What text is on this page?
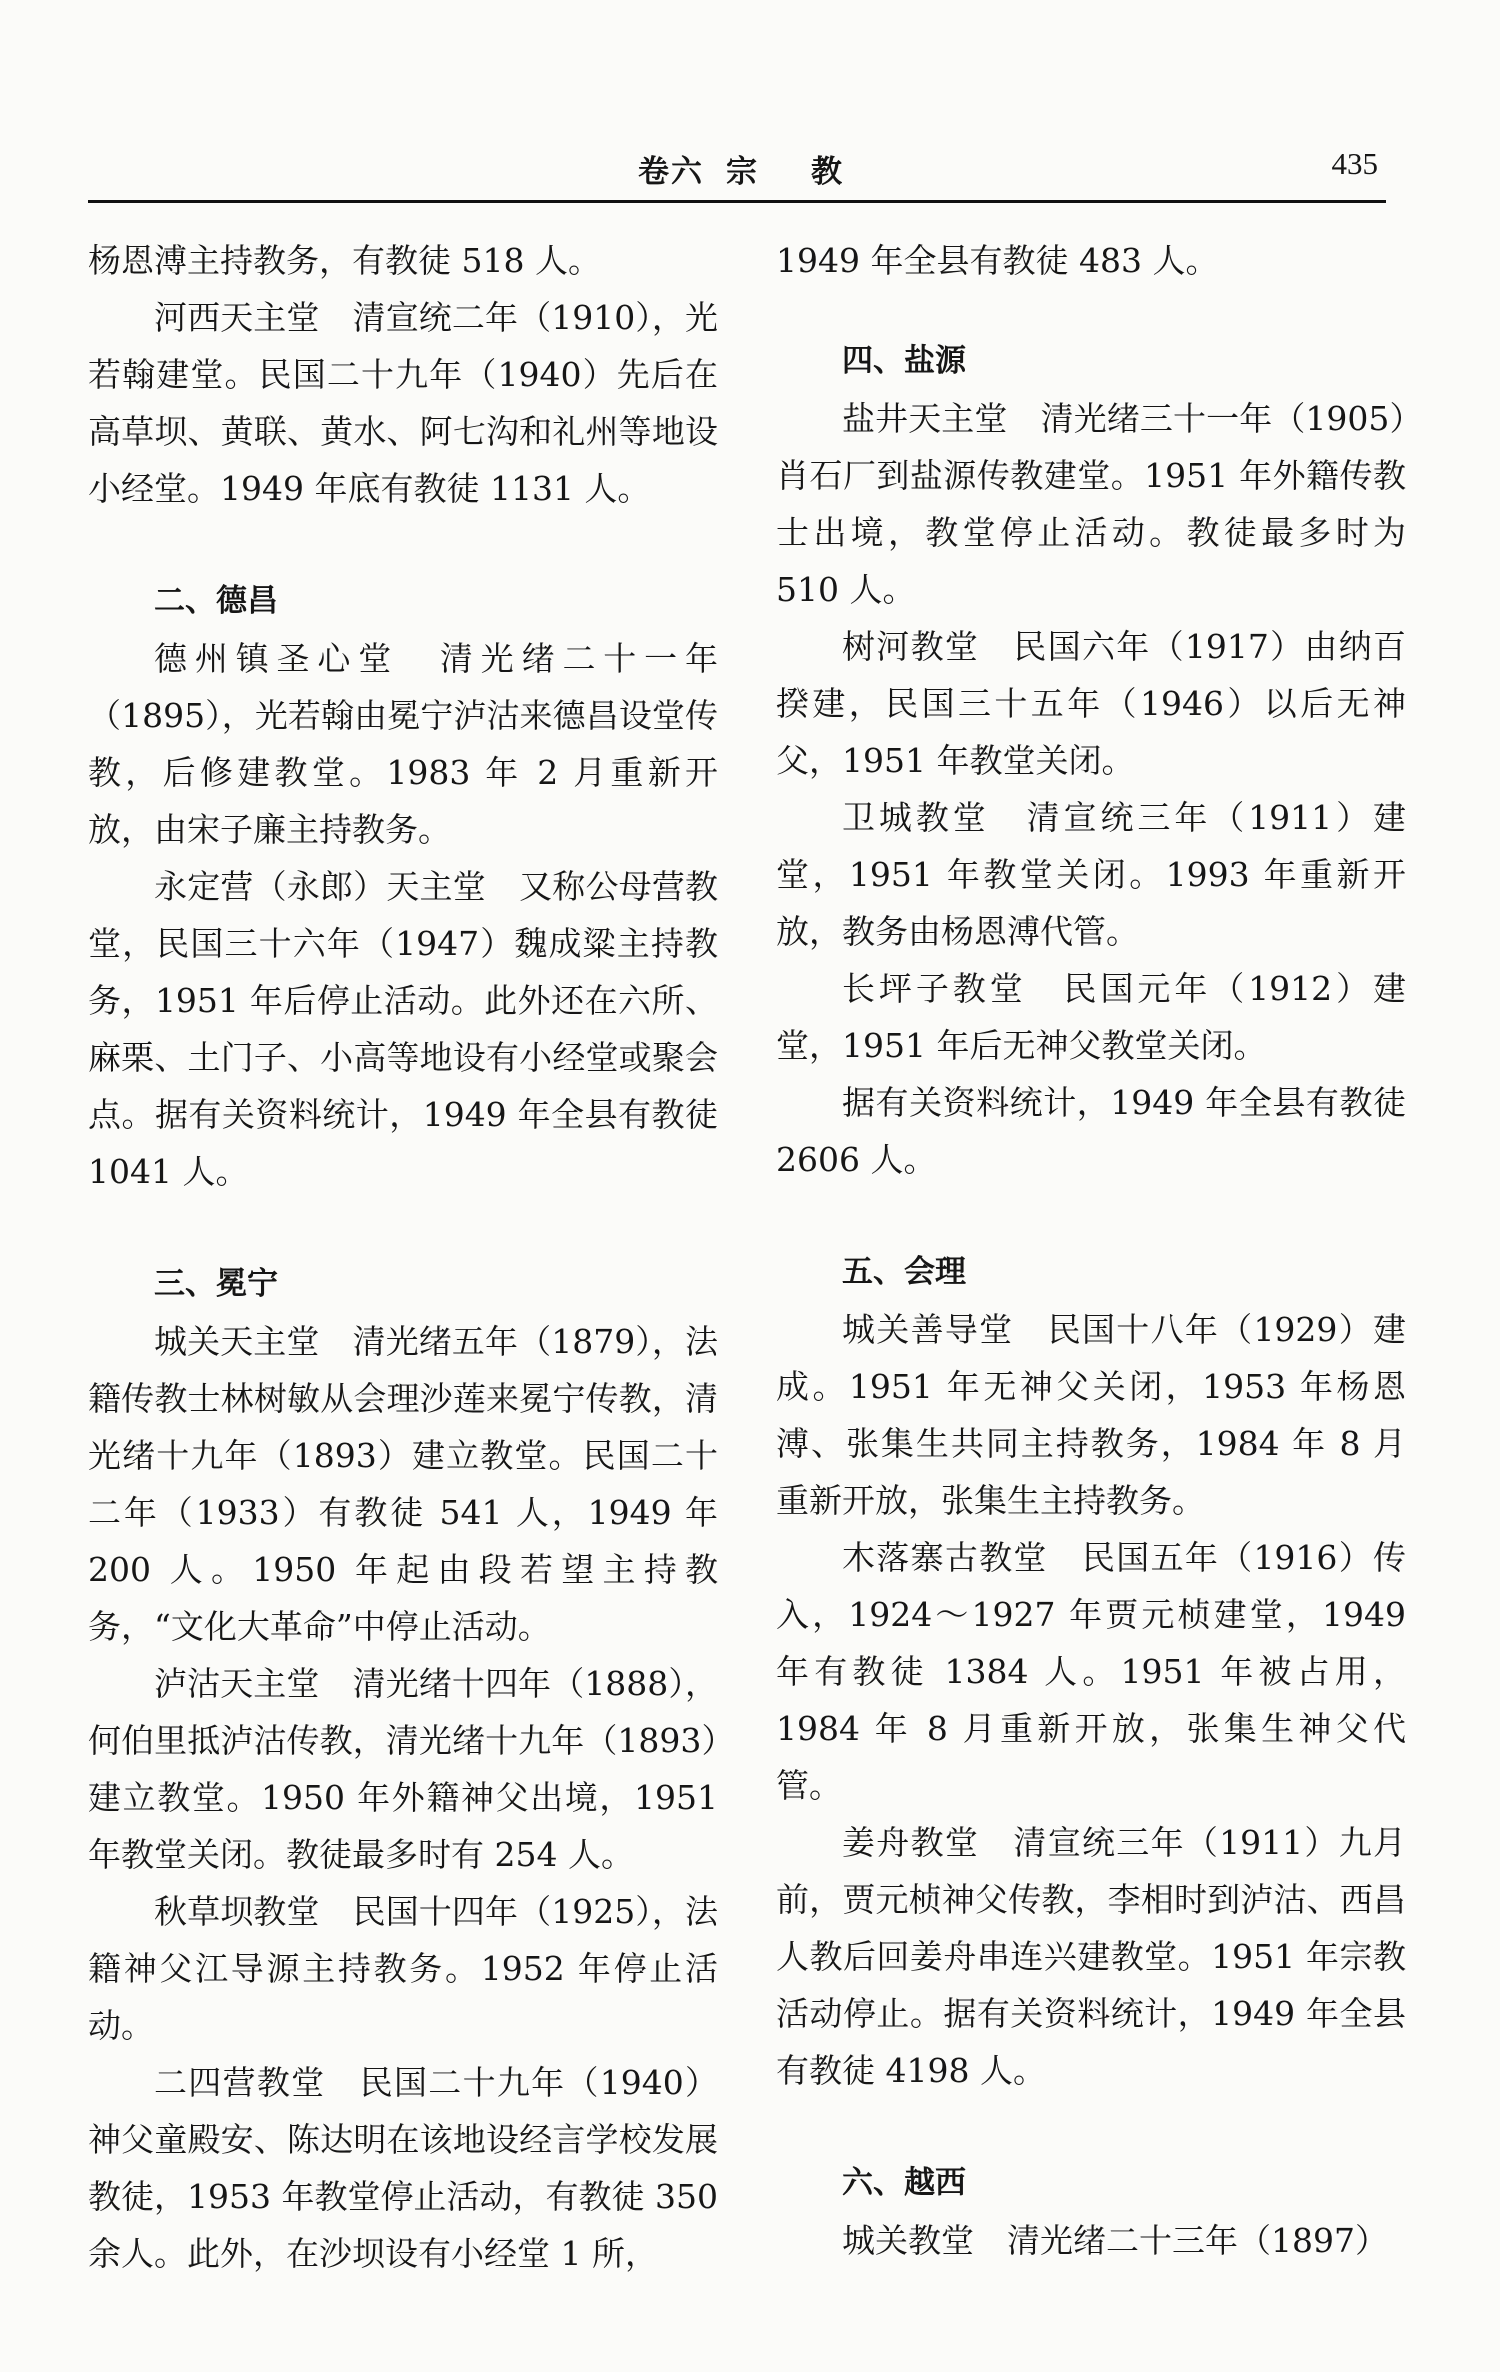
卷六 宗 教	435

杨恩溥主持教务，有教徒 518 人。

河西天主堂　清宣统二年（1910），光若翰建堂。民国二十九年（1940）先后在高草坝、黄联、黄水、阿七沟和礼州等地设小经堂。1949 年底有教徒 1131 人。

二、德昌

德州镇圣心堂　清光绪二十一年（1895），光若翰由冕宁泸沽来德昌设堂传教，后修建教堂。1983 年 2 月重新开放，由宋子廉主持教务。

永定营（永郎）天主堂　又称公母营教堂，民国三十六年（1947）魏成粱主持教务，1951 年后停止活动。此外还在六所、麻栗、土门子、小高等地设有小经堂或聚会点。据有关资料统计，1949 年全县有教徒 1041 人。

三、冕宁

城关天主堂　清光绪五年（1879），法籍传教士林树敏从会理沙莲来冕宁传教，清光绪十九年（1893）建立教堂。民国二十二年（1933）有教徒 541 人，1949 年 200 人。1950 年起由段若望主持教务，“文化大革命”中停止活动。

泸沽天主堂　清光绪十四年（1888），何伯里抵泸沽传教，清光绪十九年（1893）建立教堂。1950 年外籍神父出境，1951 年教堂关闭。教徒最多时有 254 人。

秋草坝教堂　民国十四年（1925），法籍神父江导源主持教务。1952 年停止活动。

二四营教堂　民国二十九年（1940）神父童殿安、陈达明在该地设经言学校发展教徒，1953 年教堂停止活动，有教徒 350 余人。此外，在沙坝设有小经堂 1 所，

1949 年全县有教徒 483 人。

四、盐源

盐井天主堂　清光绪三十一年（1905）肖石厂到盐源传教建堂。1951 年外籍传教士出境，教堂停止活动。教徒最多时为 510 人。

树河教堂　民国六年（1917）由纳百揆建，民国三十五年（1946）以后无神父，1951 年教堂关闭。

卫城教堂　清宣统三年（1911）建堂，1951 年教堂关闭。1993 年重新开放，教务由杨恩溥代管。

长坪子教堂　民国元年（1912）建堂，1951 年后无神父教堂关闭。

据有关资料统计，1949 年全县有教徒 2606 人。

五、会理

城关善导堂　民国十八年（1929）建成。1951 年无神父关闭，1953 年杨恩溥、张集生共同主持教务，1984 年 8 月重新开放，张集生主持教务。

木落寨古教堂　民国五年（1916）传入，1924～1927 年贾元桢建堂，1949 年有教徒 1384 人。1951 年被占用，1984 年 8 月重新开放，张集生神父代管。

姜舟教堂　清宣统三年（1911）九月前，贾元桢神父传教，李相时到泸沽、西昌人教后回姜舟串连兴建教堂。1951 年宗教活动停止。据有关资料统计，1949 年全县有教徒 4198 人。

六、越西

城关教堂　清光绪二十三年（1897）
